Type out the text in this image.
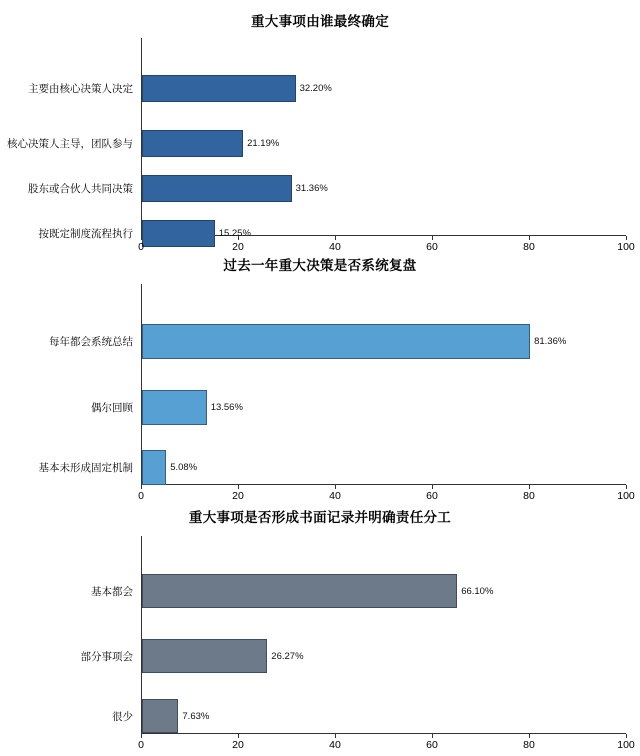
重大事项由谁最终确定
32.20%
主要由核心决策人决定
21.19%
核心决策人主导，团队参与
31.36%
股东或合伙人共同决策
15.25%
按既定制度流程执行
0	20	40	60	80	100
过去一年重大决策是否系统复盘
81.36%
每年都会系统总结
13.56%
偶尔回顾
5.08%
基本未形成固定机制
0	20	40	60	80	100
重大事项是否形成书面记录并明确责任分工
66.10%
基本都会
26.27%
部分事项会
7.63%
很少
0	20	40	60	80	100
